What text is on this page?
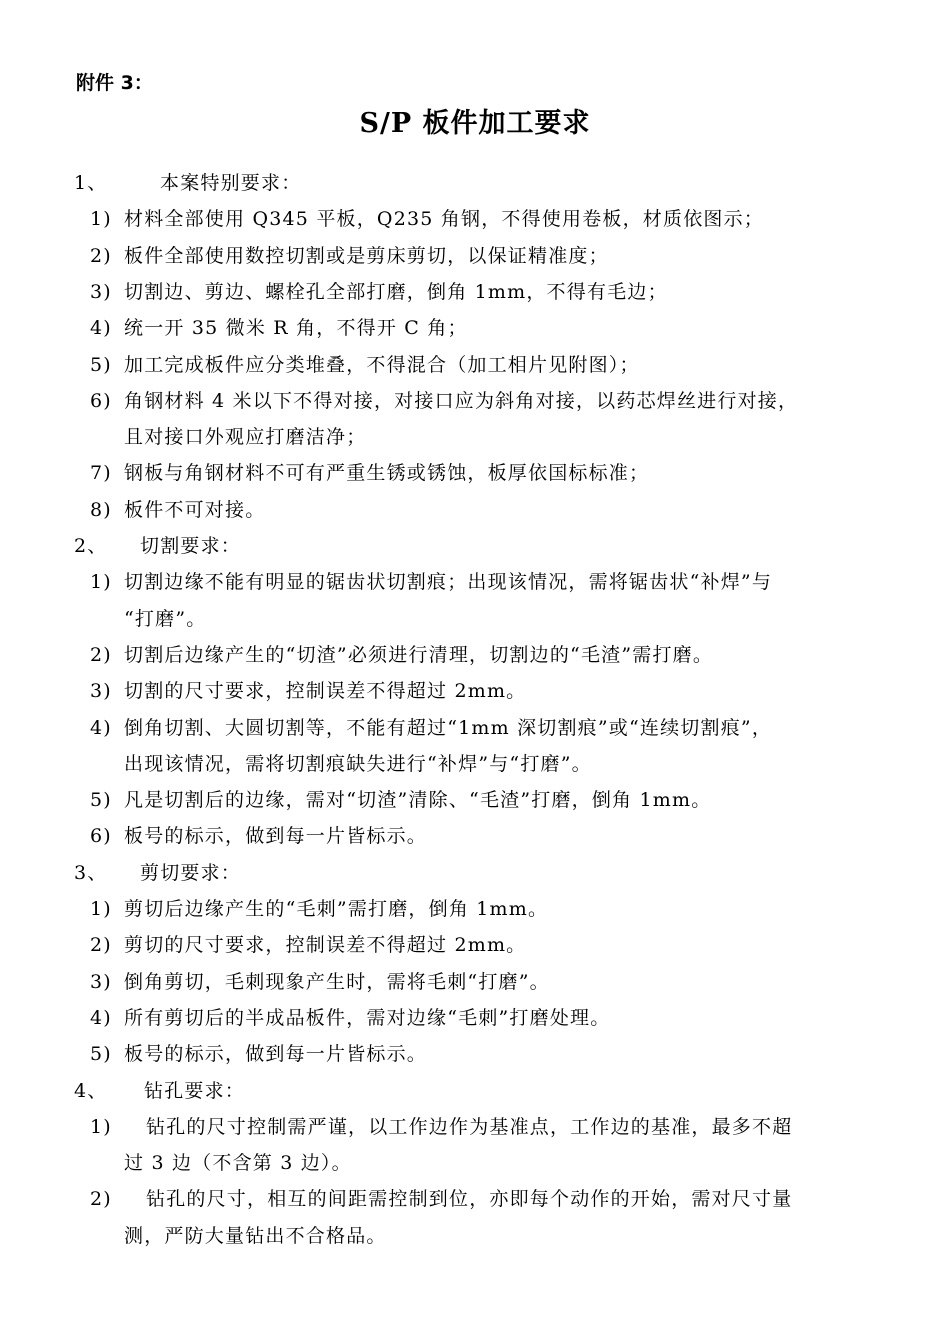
附件 3：
S/P 板件加工要求
1、	本案特别要求：
1) 材料全部使用 Q345 平板，Q235 角钢，不得使用卷板，材质依图示；
2) 板件全部使用数控切割或是剪床剪切，以保证精准度；
3) 切割边、剪边、螺栓孔全部打磨，倒角 1mm，不得有毛边；
4) 统一开 35 微米 R 角，不得开 C 角；
5) 加工完成板件应分类堆叠，不得混合（加工相片见附图）；
6) 角钢材料 4 米以下不得对接，对接口应为斜角对接，以药芯焊丝进行对接，
且对接口外观应打磨洁净；
7) 钢板与角钢材料不可有严重生锈或锈蚀，板厚依国标标准；
8) 板件不可对接。
2、 切割要求：
1) 切割边缘不能有明显的锯齿状切割痕；出现该情况，需将锯齿状“补焊”与
“打磨”。
2) 切割后边缘产生的“切渣”必须进行清理，切割边的“毛渣”需打磨。
3) 切割的尺寸要求，控制误差不得超过 2mm。
4) 倒角切割、大圆切割等，不能有超过“1mm 深切割痕”或“连续切割痕”，
出现该情况，需将切割痕缺失进行“补焊”与“打磨”。
5) 凡是切割后的边缘，需对“切渣”清除、“毛渣”打磨，倒角 1mm。
6) 板号的标示，做到每一片皆标示。
3、 剪切要求：
1) 剪切后边缘产生的“毛刺”需打磨，倒角 1mm。
2) 剪切的尺寸要求，控制误差不得超过 2mm。
3) 倒角剪切，毛刺现象产生时，需将毛刺“打磨”。
4) 所有剪切后的半成品板件，需对边缘“毛刺”打磨处理。
5) 板号的标示，做到每一片皆标示。
4、 钻孔要求：
1) 钻孔的尺寸控制需严谨，以工作边作为基准点，工作边的基准，最多不超
过 3 边（不含第 3 边）。
2) 钻孔的尺寸，相互的间距需控制到位，亦即每个动作的开始，需对尺寸量
测，严防大量钻出不合格品。
